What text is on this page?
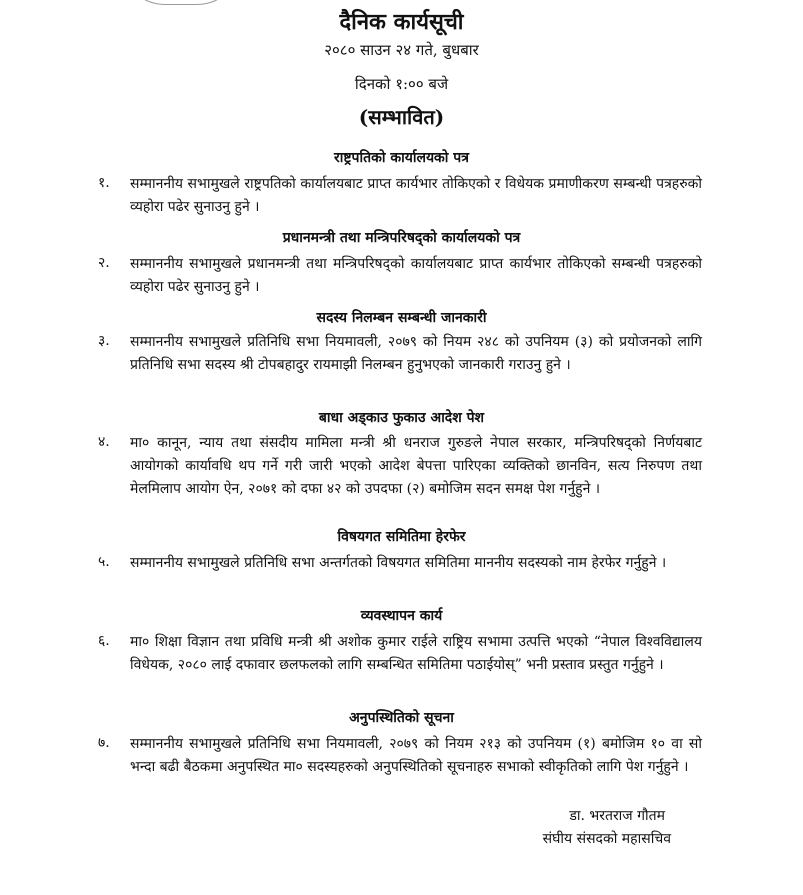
दैनिक कार्यसूची
२०८० साउन २४ गते, बुधबार
दिनको १:०० बजे
(सम्भावित)
राष्ट्रपतिको कार्यालयको पत्र
१. सम्माननीय सभामुखले राष्ट्रपतिको कार्यालयबाट प्राप्त कार्यभार तोकिएको र विधेयक प्रमाणीकरण सम्बन्धी पत्रहरुको व्यहोरा पढेर सुनाउनु हुने ।
प्रधानमन्त्री तथा मन्त्रिपरिषद्को कार्यालयको पत्र
२. सम्माननीय सभामुखले प्रधानमन्त्री तथा मन्त्रिपरिषद्को कार्यालयबाट प्राप्त कार्यभार तोकिएको सम्बन्धी पत्रहरुको व्यहोरा पढेर सुनाउनु हुने ।
सदस्य निलम्बन सम्बन्धी जानकारी
३. सम्माननीय सभामुखले प्रतिनिधि सभा नियमावली, २०७९ को नियम २४८ को उपनियम (३) को प्रयोजनको लागि प्रतिनिधि सभा सदस्य श्री टोपबहादुर रायमाझी निलम्बन हुनुभएको जानकारी गराउनु हुने ।
बाधा अड्काउ फुकाउ आदेश पेश
४. मा० कानून, न्याय तथा संसदीय मामिला मन्त्री श्री धनराज गुरुङले नेपाल सरकार, मन्त्रिपरिषद्को निर्णयबाट आयोगको कार्यावधि थप गर्ने गरी जारी भएको आदेश बेपत्ता पारिएका व्यक्तिको छानविन, सत्य निरुपण तथा मेलमिलाप आयोग ऐन, २०७१ को दफा ४२ को उपदफा (२) बमोजिम सदन समक्ष पेश गर्नुहुने ।
विषयगत समितिमा हेरफेर
५. सम्माननीय सभामुखले प्रतिनिधि सभा अन्तर्गतको विषयगत समितिमा माननीय सदस्यको नाम हेरफेर गर्नुहुने ।
व्यवस्थापन कार्य
६. मा० शिक्षा विज्ञान तथा प्रविधि मन्त्री श्री अशोक कुमार राईले राष्ट्रिय सभामा उत्पत्ति भएको “नेपाल विश्वविद्यालय विधेयक, २०८० लाई दफावार छलफलको लागि सम्बन्धित समितिमा पठाईयोस्” भनी प्रस्ताव प्रस्तुत गर्नुहुने ।
अनुपस्थितिको सूचना
७. सम्माननीय सभामुखले प्रतिनिधि सभा नियमावली, २०७९ को नियम २१३ को उपनियम (१) बमोजिम १० वा सो भन्दा बढी बैठकमा अनुपस्थित मा० सदस्यहरुको अनुपस्थितिको सूचनाहरु सभाको स्वीकृतिको लागि पेश गर्नुहुने ।
डा. भरतराज गौतम
संघीय संसदको महासचिव
